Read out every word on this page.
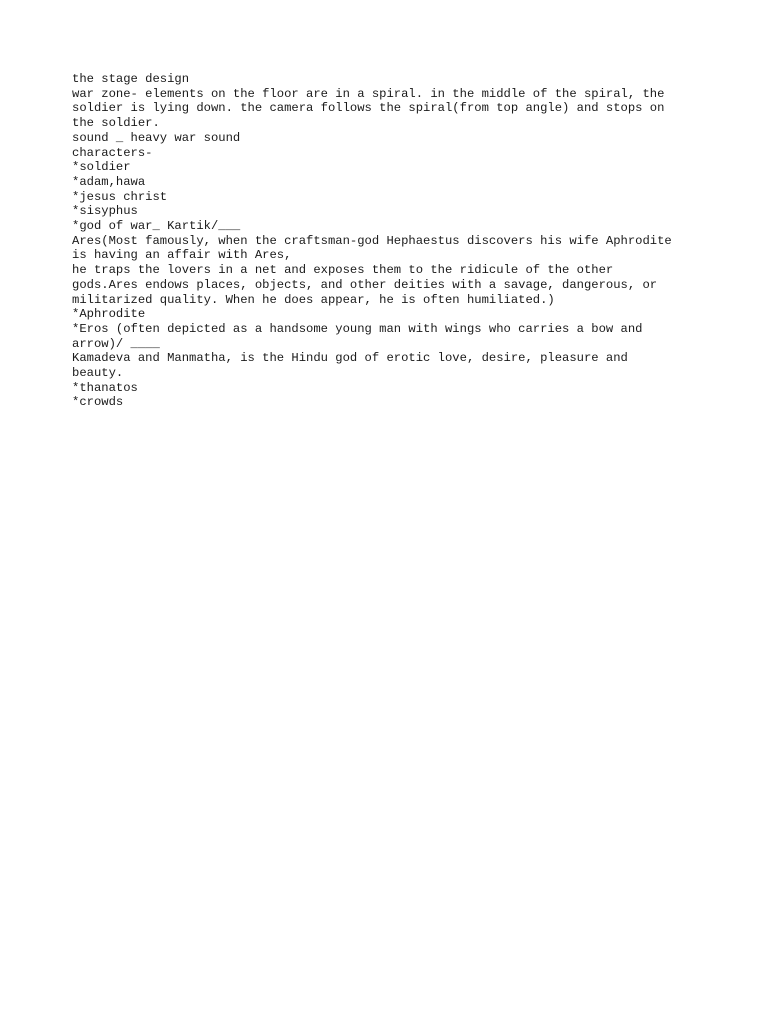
the stage design
war zone- elements on the floor are in a spiral. in the middle of the spiral, the
soldier is lying down. the camera follows the spiral(from top angle) and stops on
the soldier.
sound _ heavy war sound
characters-
*soldier
*adam,hawa
*jesus christ
*sisyphus
*god of war_ Kartik/___
Ares(Most famously, when the craftsman-god Hephaestus discovers his wife Aphrodite
is having an affair with Ares,
he traps the lovers in a net and exposes them to the ridicule of the other
gods.Ares endows places, objects, and other deities with a savage, dangerous, or
militarized quality. When he does appear, he is often humiliated.)
*Aphrodite
*Eros (often depicted as a handsome young man with wings who carries a bow and
arrow)/ ____
Kamadeva and Manmatha, is the Hindu god of erotic love, desire, pleasure and
beauty.
*thanatos
*crowds
